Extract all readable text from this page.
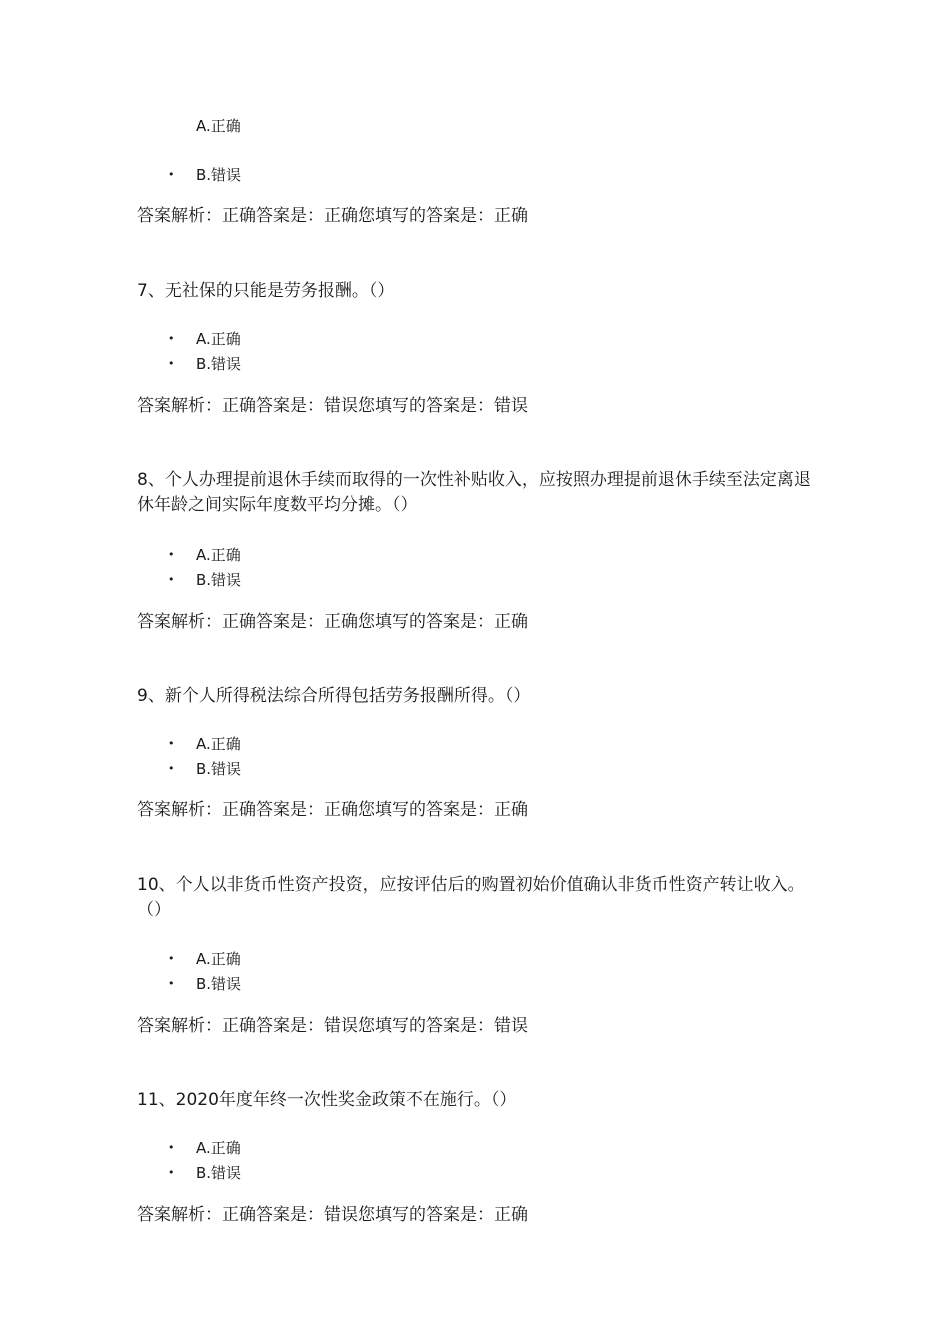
A.正确
• B.错误
答案解析：正确答案是：正确您填写的答案是：正确
7、无社保的只能是劳务报酬。（）
• A.正确
• B.错误
答案解析：正确答案是：错误您填写的答案是：错误
8、个人办理提前退休手续而取得的一次性补贴收入，应按照办理提前退休手续至法定离退休年龄之间实际年度数平均分摊。（）
• A.正确
• B.错误
答案解析：正确答案是：正确您填写的答案是：正确
9、新个人所得税法综合所得包括劳务报酬所得。（）
• A.正确
• B.错误
答案解析：正确答案是：正确您填写的答案是：正确
10、个人以非货币性资产投资，应按评估后的购置初始价值确认非货币性资产转让收入。（）
• A.正确
• B.错误
答案解析：正确答案是：错误您填写的答案是：错误
11、2020年度年终一次性奖金政策不在施行。（）
• A.正确
• B.错误
答案解析：正确答案是：错误您填写的答案是：正确
